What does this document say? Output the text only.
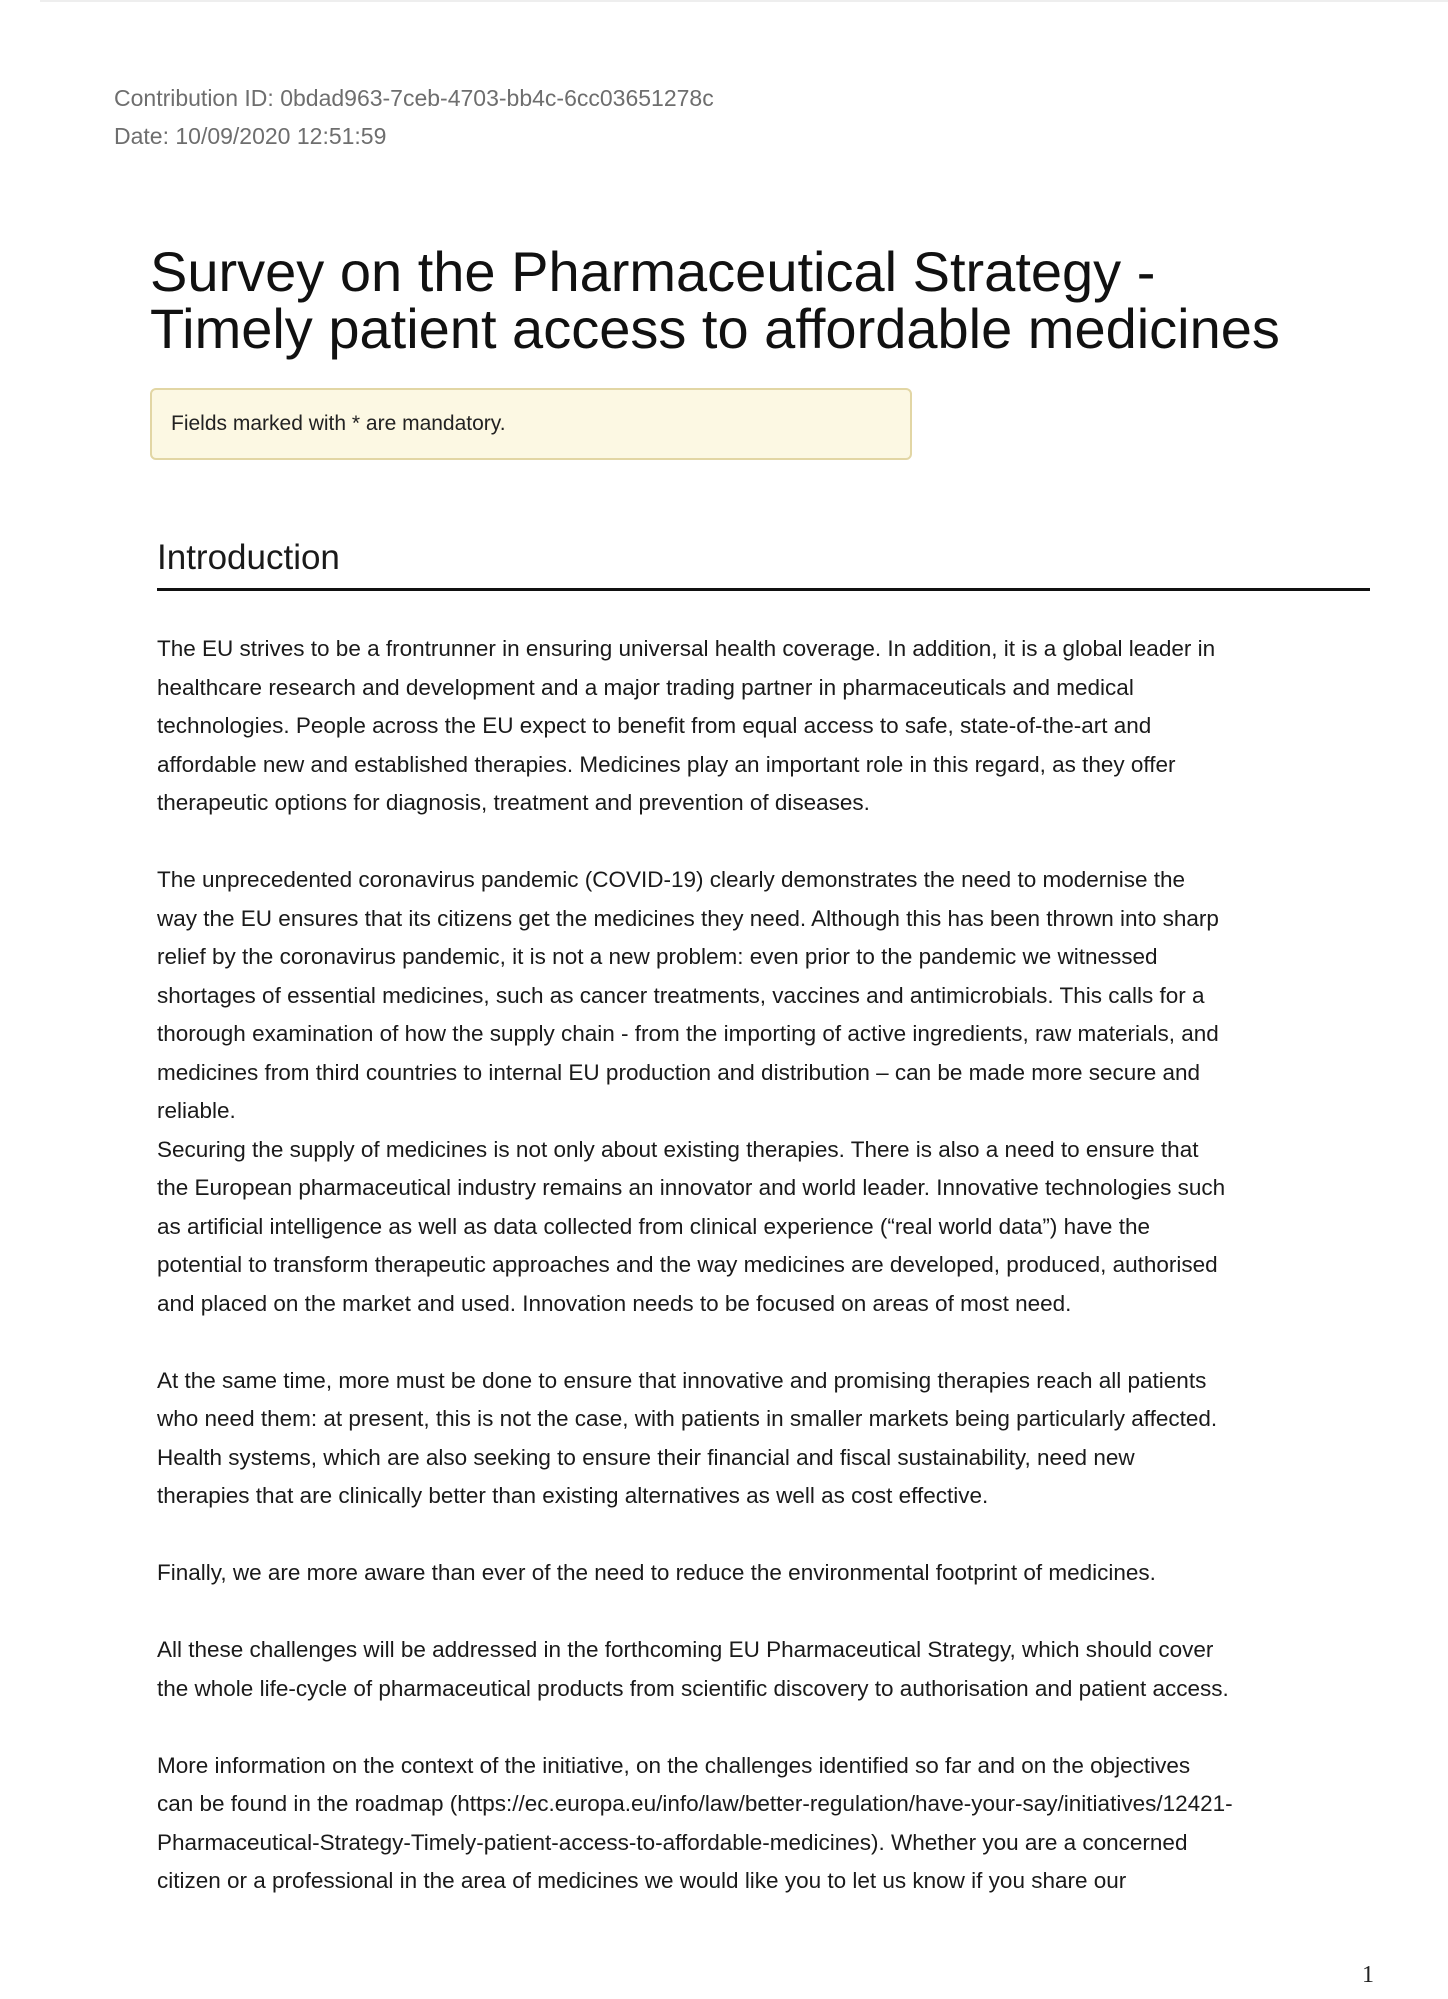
Contribution ID: 0bdad963-7ceb-4703-bb4c-6cc03651278c
Date: 10/09/2020 12:51:59
Survey on the Pharmaceutical Strategy -
Timely patient access to affordable medicines
Fields marked with * are mandatory.
Introduction

The EU strives to be a frontrunner in ensuring universal health coverage. In addition, it is a global leader in
healthcare research and development and a major trading partner in pharmaceuticals and medical
technologies. People across the EU expect to benefit from equal access to safe, state-of-the-art and
affordable new and established therapies. Medicines play an important role in this regard, as they offer
therapeutic options for diagnosis, treatment and prevention of diseases.

The unprecedented coronavirus pandemic (COVID-19) clearly demonstrates the need to modernise the
way the EU ensures that its citizens get the medicines they need. Although this has been thrown into sharp
relief by the coronavirus pandemic, it is not a new problem: even prior to the pandemic we witnessed
shortages of essential medicines, such as cancer treatments, vaccines and antimicrobials. This calls for a
thorough examination of how the supply chain - from the importing of active ingredients, raw materials, and
medicines from third countries to internal EU production and distribution – can be made more secure and
reliable.

Securing the supply of medicines is not only about existing therapies. There is also a need to ensure that
the European pharmaceutical industry remains an innovator and world leader. Innovative technologies such
as artificial intelligence as well as data collected from clinical experience (“real world data”) have the
potential to transform therapeutic approaches and the way medicines are developed, produced, authorised
and placed on the market and used. Innovation needs to be focused on areas of most need.

At the same time, more must be done to ensure that innovative and promising therapies reach all patients
who need them: at present, this is not the case, with patients in smaller markets being particularly affected.
Health systems, which are also seeking to ensure their financial and fiscal sustainability, need new
therapies that are clinically better than existing alternatives as well as cost effective.

Finally, we are more aware than ever of the need to reduce the environmental footprint of medicines.

All these challenges will be addressed in the forthcoming EU Pharmaceutical Strategy, which should cover
the whole life-cycle of pharmaceutical products from scientific discovery to authorisation and patient access.

More information on the context of the initiative, on the challenges identified so far and on the objectives
can be found in the roadmap (https://ec.europa.eu/info/law/better-regulation/have-your-say/initiatives/12421-
Pharmaceutical-Strategy-Timely-patient-access-to-affordable-medicines). Whether you are a concerned
citizen or a professional in the area of medicines we would like you to let us know if you share our

1
